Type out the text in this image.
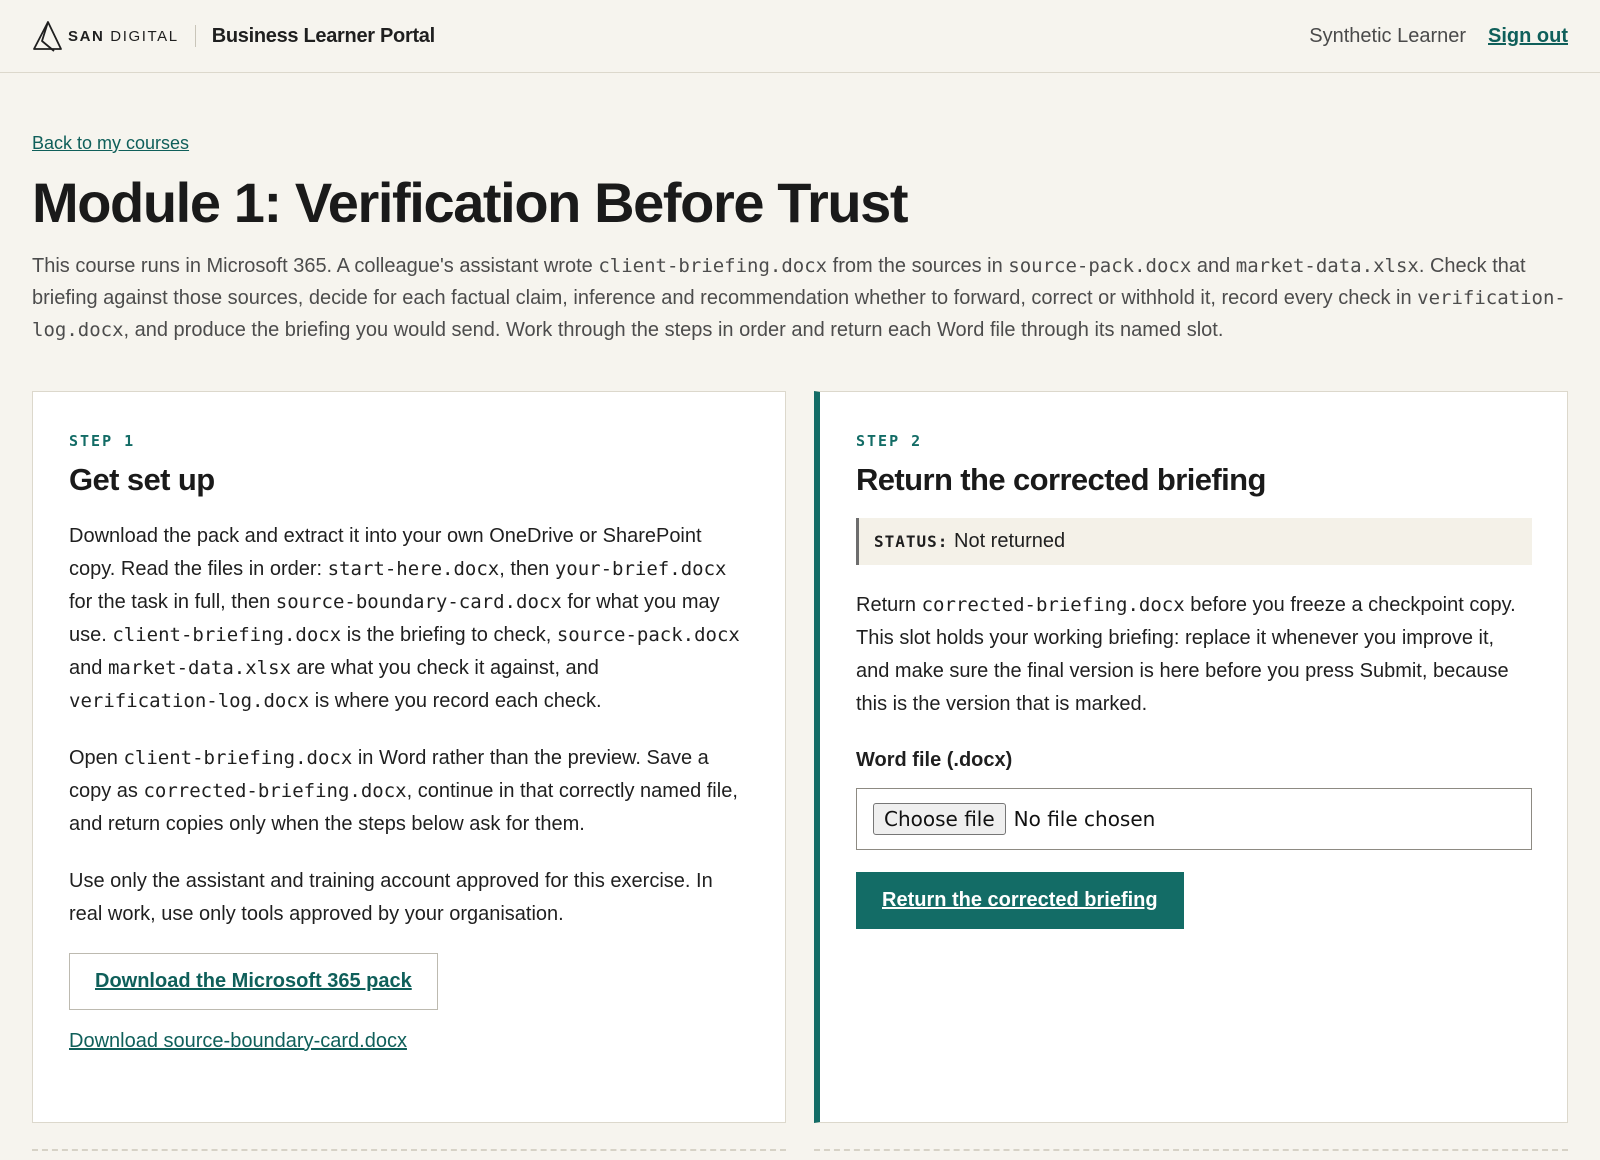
SAN DIGITAL Business Learner Portal	Synthetic Learner Sign out
Back to my courses
Module 1: Verification Before Trust

This course runs in Microsoft 365. A colleague's assistant wrote client-briefing.docx from the sources in source-pack.docx and market-data.xlsx. Check that briefing against those sources, decide for each factual claim, inference and recommendation whether to forward, correct or withhold it, record every check in verification-log.docx, and produce the briefing you would send. Work through the steps in order and return each Word file through its named slot.

STEP 1
Get set up

Download the pack and extract it into your own OneDrive or SharePoint copy. Read the files in order: start-here.docx, then your-brief.docx for the task in full, then source-boundary-card.docx for what you may use. client-briefing.docx is the briefing to check, source-pack.docx and market-data.xlsx are what you check it against, and verification-log.docx is where you record each check.

Open client-briefing.docx in Word rather than the preview. Save a copy as corrected-briefing.docx, continue in that correctly named file, and return copies only when the steps below ask for them.

Use only the assistant and training account approved for this exercise. In real work, use only tools approved by your organisation.

Download the Microsoft 365 pack
Download source-boundary-card.docx
STEP 2
Return the corrected briefing
STATUS: Not returned

Return corrected-briefing.docx before you freeze a checkpoint copy. This slot holds your working briefing: replace it whenever you improve it, and make sure the final version is here before you press Submit, because this is the version that is marked.

Word file (.docx)
Choose file No file chosen
Return the corrected briefing
